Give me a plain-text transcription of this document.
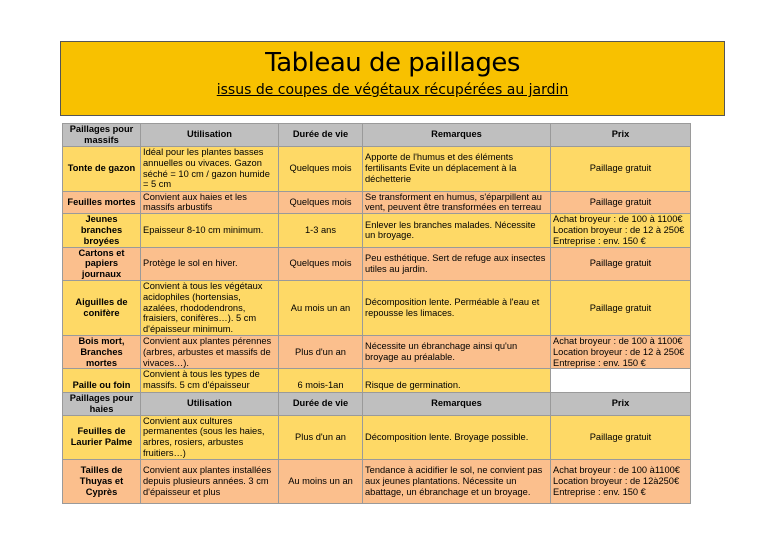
Tableau de paillages
issus de coupes de végétaux récupérées au jardin
Paillages pour massifs	Utilisation	Durée de vie	Remarques	Prix
Tonte de gazon	Idéal pour les plantes basses annuelles ou vivaces. Gazon séché = 10 cm / gazon humide = 5 cm	Quelques mois	Apporte de l'humus et des éléments fertilisants Evite un déplacement à la déchetterie	Paillage gratuit
Feuilles mortes	Convient aux haies et les massifs arbustifs	Quelques mois	Se transforment en humus, s'éparpillent au vent, peuvent être transformées en terreau	Paillage gratuit
Jeunes branches broyées	Epaisseur 8-10 cm minimum.	1-3 ans	Enlever les branches malades. Nécessite un broyage.	Achat broyeur : de 100 à 1100€ Location broyeur : de 12 à 250€ Entreprise : env. 150 €
Cartons et papiers journaux	Protège le sol en hiver.	Quelques mois	Peu esthétique. Sert de refuge aux insectes utiles au jardin.	Paillage gratuit
Aiguilles de conifère	Convient à tous les végétaux acidophiles (hortensias, azalées, rhododendrons, fraisiers, conifères…). 5 cm d'épaisseur minimum.	Au mois un an	Décomposition lente. Perméable à l'eau et repousse les limaces.	Paillage gratuit
Bois mort, Branches mortes	Convient aux plantes pérennes (arbres, arbustes et massifs de vivaces…).	Plus d'un an	Nécessite un ébranchage ainsi qu'un broyage au préalable.	Achat broyeur : de 100 à 1100€ Location broyeur : de 12 à 250€ Entreprise : env. 150 €
Paille ou foin	Convient à tous les types de massifs. 5 cm d'épaisseur	6 mois-1an	Risque de germination.	

Paillages pour haies	Utilisation	Durée de vie	Remarques	Prix
Feuilles de Laurier Palme	Convient aux cultures permanentes (sous les haies, arbres, rosiers, arbustes fruitiers…)	Plus d'un an	Décomposition lente. Broyage possible.	Paillage gratuit
Tailles de Thuyas et Cyprès	Convient aux plantes installées depuis plusieurs années. 3 cm d'épaisseur et plus	Au moins un an	Tendance à acidifier le sol, ne convient pas aux jeunes plantations. Nécessite un abattage, un ébranchage et un broyage.	Achat broyeur : de 100 à1100€ Location broyeur : de 12à250€ Entreprise : env. 150 €
